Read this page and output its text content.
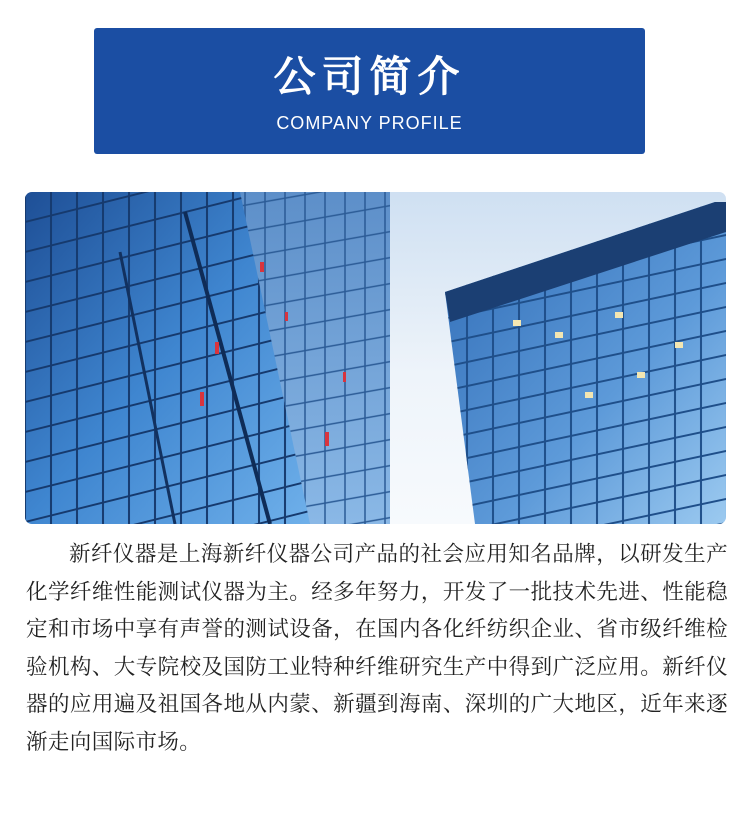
公司简介
COMPANY PROFILE

新纤仪器是上海新纤仪器公司产品的社会应用知名品牌，以研发生产化学纤维性能测试仪器为主。经多年努力，开发了一批技术先进、性能稳定和市场中享有声誉的测试设备，在国内各化纤纺织企业、省市级纤维检验机构、大专院校及国防工业特种纤维研究生产中得到广泛应用。新纤仪器的应用遍及祖国各地从内蒙、新疆到海南、深圳的广大地区，近年来逐渐走向国际市场。
